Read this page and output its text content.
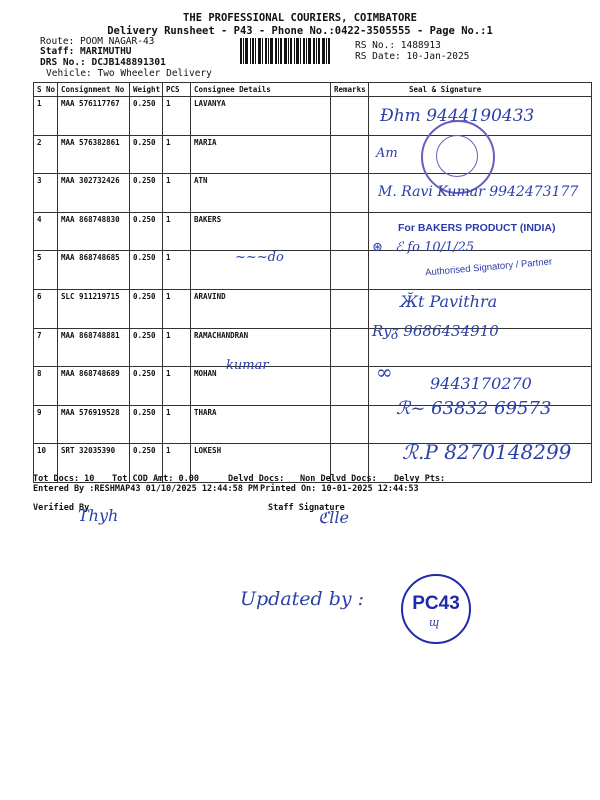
THE PROFESSIONAL COURIERS, COIMBATORE
Delivery Runsheet - P43 - Phone No.:0422-3505555 - Page No.:1
Route: POOM NAGAR-43
Staff: MARIMUTHU
DRS No.: DCJB148891301
Vehicle: Two Wheeler Delivery
RS No.: 1488913
RS Date: 10-Jan-2025
S No	Consignment No	Weight	PCS	Consignee Details	Remarks	Seal & Signature
1	MAA 576117767	0.250	1	LAVANYA		
2	MAA 576382861	0.250	1	MARIA		
3	MAA 302732426	0.250	1	ATN		
4	MAA 868748830	0.250	1	BAKERS		
5	MAA 868748685	0.250	1			
6	SLC 911219715	0.250	1	ARAVIND		
7	MAA 868748881	0.250	1	RAMACHANDRAN		
8	MAA 868748689	0.250	1	MOHAN		
9	MAA 576919528	0.250	1	THARA		
10	SRT 32035390	0.250	1	LOKESH		
Ɖhm 9444190433
Am
M. Ravi Kumar 9942473177
For BAKERS PRODUCT (INDIA)
⊛   ℰ fo 10/1/25
Authorised Signatory / Partner
~~~do
Ӂt Pavithra
Ryᵹ 9686434910
kumar	∞ 9443170270
ℛ~ 63832 69573
ℛ.P 8270148299
Tot Docs: 10 Tot COD Amt: 0.00	Delvd Docs: Non Delvd Docs: Delvy Pts:
Entered By :RESHMAP43 01/10/2025 12:44:58 PM Printed On: 10-01-2025 12:44:53
Verified By
Thyh	Staff Signature
ℭlle
Updated by :	PC43
ɰ
